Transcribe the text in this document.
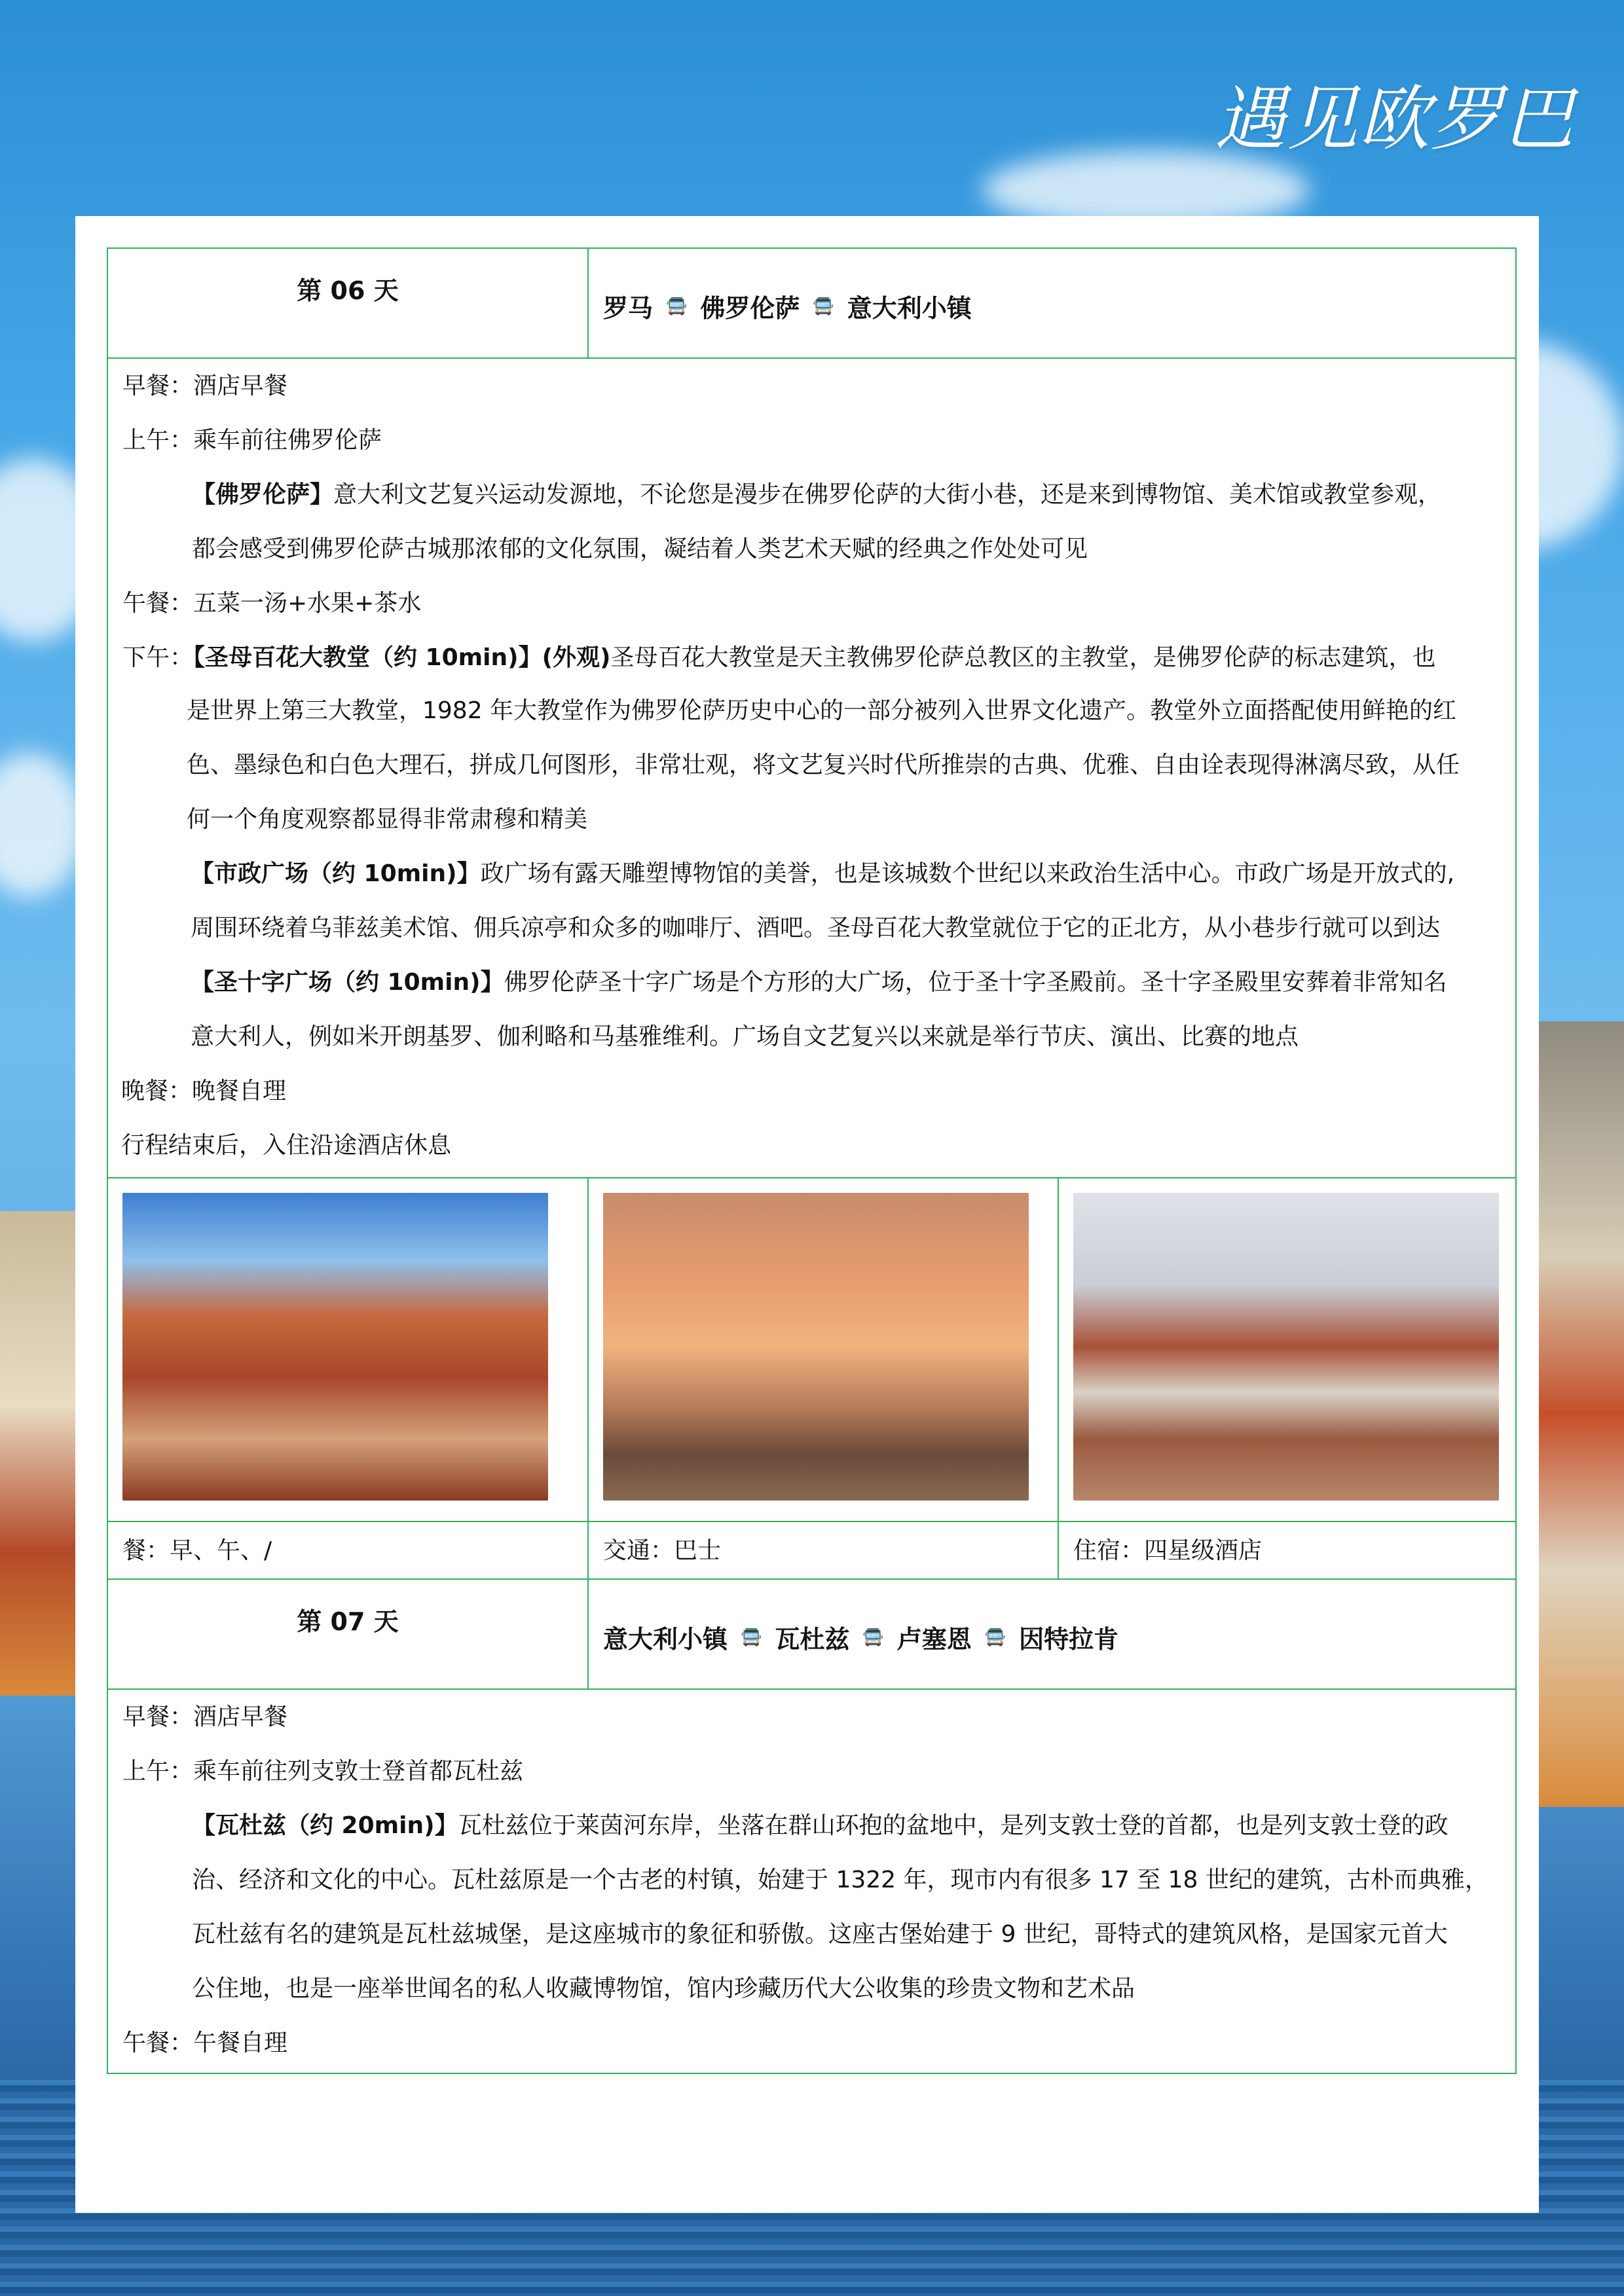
遇见欧罗巴
第 06 天
罗马 🚍 佛罗伦萨 🚍 意大利小镇
早餐：酒店早餐
上午：乘车前往佛罗伦萨
【佛罗伦萨】意大利文艺复兴运动发源地，不论您是漫步在佛罗伦萨的大街小巷，还是来到博物馆、美术馆或教堂参观，
都会感受到佛罗伦萨古城那浓郁的文化氛围，凝结着人类艺术天赋的经典之作处处可见
午餐：五菜一汤+水果+茶水
下午：【圣母百花大教堂（约 10min)】(外观)圣母百花大教堂是天主教佛罗伦萨总教区的主教堂，是佛罗伦萨的标志建筑，也
是世界上第三大教堂，1982 年大教堂作为佛罗伦萨历史中心的一部分被列入世界文化遗产。教堂外立面搭配使用鲜艳的红
色、墨绿色和白色大理石，拼成几何图形，非常壮观，将文艺复兴时代所推崇的古典、优雅、自由诠表现得淋漓尽致，从任
何一个角度观察都显得非常肃穆和精美
【市政广场（约 10min)】政广场有露天雕塑博物馆的美誉，也是该城数个世纪以来政治生活中心。市政广场是开放式的,
周围环绕着乌菲兹美术馆、佣兵凉亭和众多的咖啡厅、酒吧。圣母百花大教堂就位于它的正北方，从小巷步行就可以到达
【圣十字广场（约 10min)】佛罗伦萨圣十字广场是个方形的大广场，位于圣十字圣殿前。圣十字圣殿里安葬着非常知名
意大利人，例如米开朗基罗、伽利略和马基雅维利。广场自文艺复兴以来就是举行节庆、演出、比赛的地点
晚餐：晚餐自理
行程结束后，入住沿途酒店休息
餐：早、午、/	交通：巴士	住宿：四星级酒店
第 07 天
意大利小镇 🚍 瓦杜兹 🚍 卢塞恩 🚍 因特拉肯
早餐：酒店早餐
上午：乘车前往列支敦士登首都瓦杜兹
【瓦杜兹（约 20min)】瓦杜兹位于莱茵河东岸，坐落在群山环抱的盆地中，是列支敦士登的首都，也是列支敦士登的政
治、经济和文化的中心。瓦杜兹原是一个古老的村镇，始建于 1322 年，现市内有很多 17 至 18 世纪的建筑，古朴而典雅，
瓦杜兹有名的建筑是瓦杜兹城堡，是这座城市的象征和骄傲。这座古堡始建于 9 世纪，哥特式的建筑风格，是国家元首大
公住地，也是一座举世闻名的私人收藏博物馆，馆内珍藏历代大公收集的珍贵文物和艺术品
午餐：午餐自理
